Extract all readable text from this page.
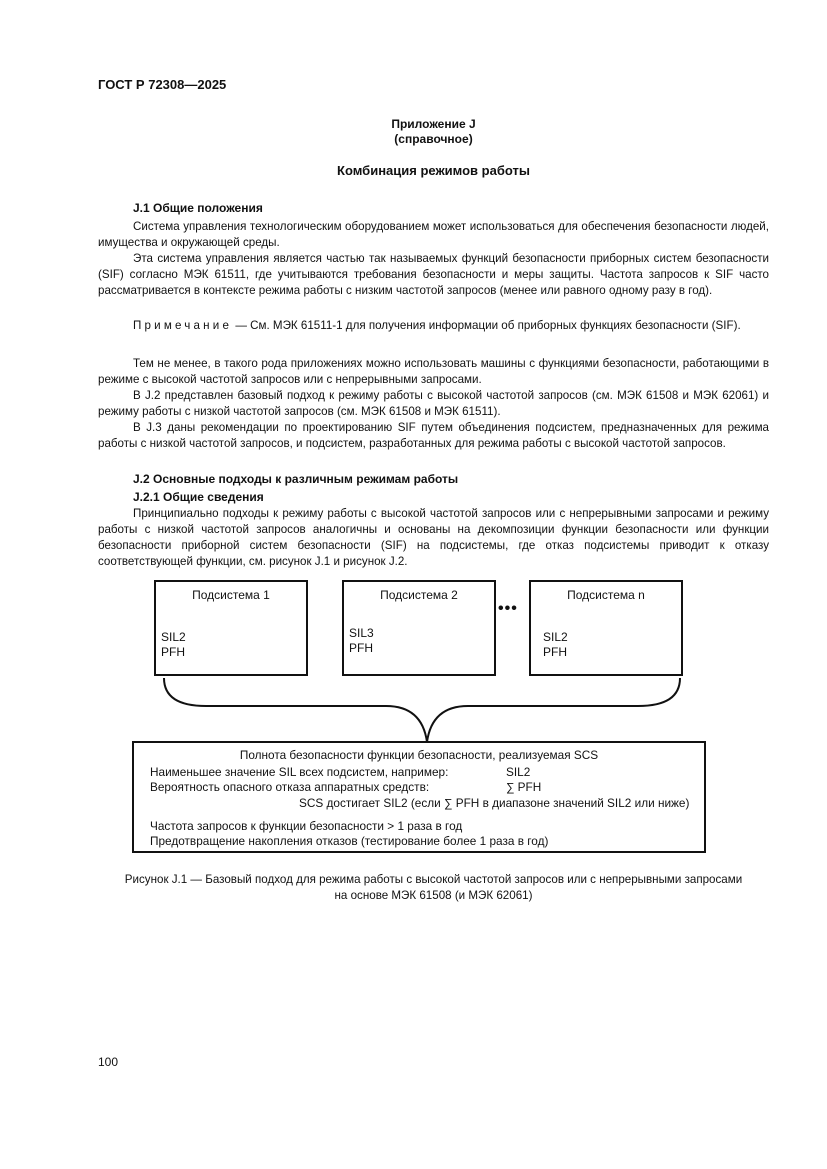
ГОСТ Р 72308—2025
Приложение J
(справочное)
Комбинация режимов работы
J.1 Общие положения
Система управления технологическим оборудованием может использоваться для обеспечения безопасности людей, имущества и окружающей среды.
Эта система управления является частью так называемых функций безопасности приборных систем безопасности (SIF) согласно МЭК 61511, где учитываются требования безопасности и меры защиты. Частота запросов к SIF часто рассматривается в контексте режима работы с низким частотой запросов (менее или равного одному разу в год).
Примечание — См. МЭК 61511-1 для получения информации об приборных функциях безопасности (SIF).
Тем не менее, в такого рода приложениях можно использовать машины с функциями безопасности, работающими в режиме с высокой частотой запросов или с непрерывными запросами.
В J.2 представлен базовый подход к режиму работы с высокой частотой запросов (см. МЭК 61508 и МЭК 62061) и режиму работы с низкой частотой запросов (см. МЭК 61508 и МЭК 61511).
В J.3 даны рекомендации по проектированию SIF путем объединения подсистем, предназначенных для режима работы с низкой частотой запросов, и подсистем, разработанных для режима работы с высокой частотой запросов.
J.2 Основные подходы к различным режимам работы
J.2.1 Общие сведения
Принципиально подходы к режиму работы с высокой частотой запросов или с непрерывными запросами и режиму работы с низкой частотой запросов аналогичны и основаны на декомпозиции функции безопасности или функции безопасности приборной систем безопасности (SIF) на подсистемы, где отказ подсистемы приводит к отказу соответствующей функции, см. рисунок J.1 и рисунок J.2.
Подсистема 1
SIL2
PFH
Подсистема 2
SIL3
PFH
•••
Подсистема n
SIL2
PFH
Полнота безопасности функции безопасности, реализуемая SCS
Наименьшее значение SIL всех подсистем, например:	SIL2
Вероятность опасного отказа аппаратных средств:	∑ PFH
SCS достигает SIL2 (если ∑ PFH в диапазоне значений SIL2 или ниже)
Частота запросов к функции безопасности > 1 раза в год
Предотвращение накопления отказов (тестирование более 1 раза в год)
Рисунок J.1 — Базовый подход для режима работы с высокой частотой запросов или с непрерывными запросами
на основе МЭК 61508 (и МЭК 62061)
100
